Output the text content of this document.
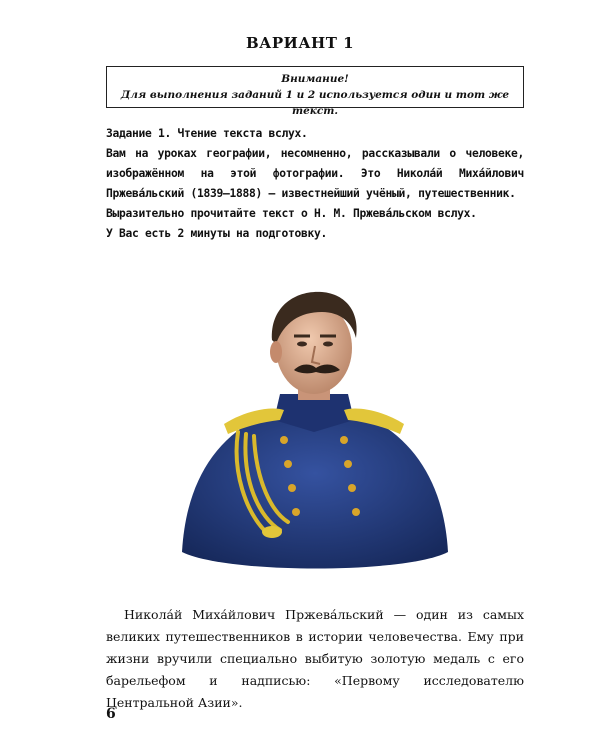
ВАРИАНТ 1
Внимание!
Для выполнения заданий 1 и 2 используется один и тот же текст.

Задание 1. Чтение текста вслух.

Вам на уроках географии, несомненно, рассказывали о человеке, изображённом на этой фотографии. Это Никола́й Миха́йлович Пржева́льский (1839–1888) — известнейший учёный, путешественник.

Выразительно прочитайте текст о Н. М. Пржева́льском вслух.

У Вас есть 2 минуты на подготовку.

Никола́й Миха́йлович Пржева́льский — один из самых великих путешественников в истории человечества. Ему при жизни вручили специально выбитую золотую медаль с его барельефом и надписью: «Первому исследователю Центральной Азии».

6
